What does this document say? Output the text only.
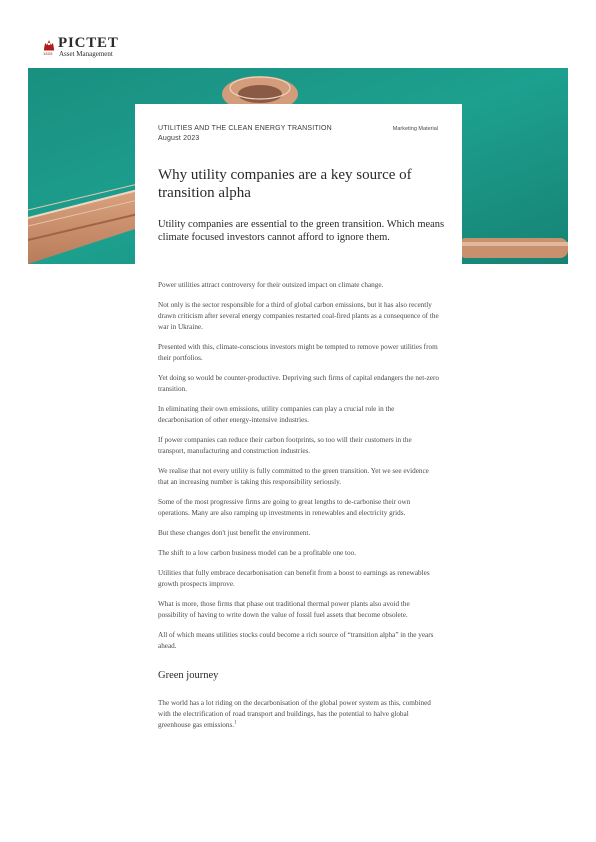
1805
PICTET
Asset Management
UTILITIES AND THE CLEAN ENERGY TRANSITION
August 2023
Marketing Material
Why utility companies are a key source of transition alpha

Utility companies are essential to the green transition. Which means climate focused investors cannot afford to ignore them.

Power utilities attract controversy for their outsized impact on climate change.

Not only is the sector responsible for a third of global carbon emissions, but it has also recently drawn criticism after several energy companies restarted coal-fired plants as a consequence of the war in Ukraine.

Presented with this, climate-conscious investors might be tempted to remove power utilities from their portfolios.

Yet doing so would be counter-productive. Depriving such firms of capital endangers the net-zero transition.

In eliminating their own emissions, utility companies can play a crucial role in the decarbonisation of other energy-intensive industries.

If power companies can reduce their carbon footprints, so too will their customers in the transport, manufacturing and construction industries.

We realise that not every utility is fully committed to the green transition. Yet we see evidence that an increasing number is taking this responsibility seriously.

Some of the most progressive firms are going to great lengths to de-carbonise their own operations. Many are also ramping up investments in renewables and electricity grids.

But these changes don't just benefit the environment.

The shift to a low carbon business model can be a profitable one too.

Utilities that fully embrace decarbonisation can benefit from a boost to earnings as renewables growth prospects improve.

What is more, those firms that phase out traditional thermal power plants also avoid the possibility of having to write down the value of fossil fuel assets that become obsolete.

All of which means utilities stocks could become a rich source of “transition alpha” in the years ahead.

Green journey

The world has a lot riding on the decarbonisation of the global power system as this, combined with the electrification of road transport and buildings, has the potential to halve global greenhouse gas emissions.$^1$
